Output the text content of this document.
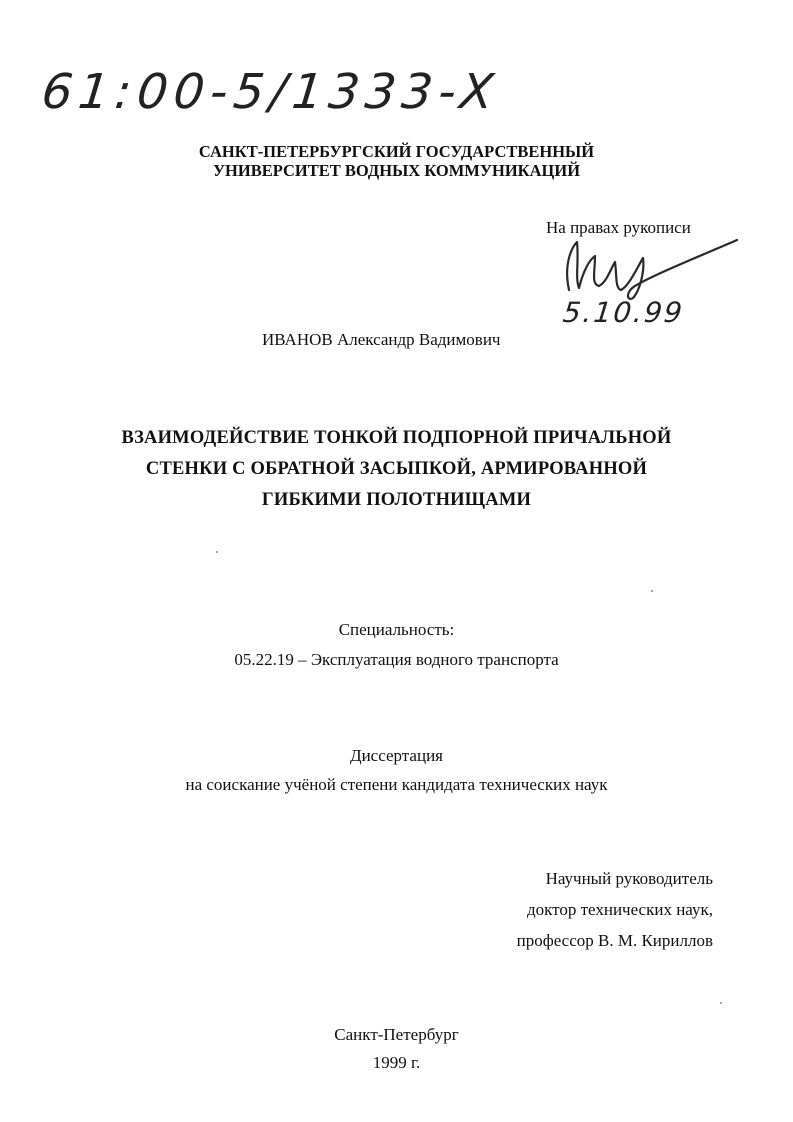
61:00-5/1333-X
САНКТ-ПЕТЕРБУРГСКИЙ ГОСУДАРСТВЕННЫЙ
УНИВЕРСИТЕТ ВОДНЫХ КОММУНИКАЦИЙ
На правах рукописи
5.10.99
ИВАНОВ Александр Вадимович
ВЗАИМОДЕЙСТВИЕ ТОНКОЙ ПОДПОРНОЙ ПРИЧАЛЬНОЙ
СТЕНКИ С ОБРАТНОЙ ЗАСЫПКОЙ, АРМИРОВАННОЙ
ГИБКИМИ ПОЛОТНИЩАМИ
Специальность:
05.22.19 – Эксплуатация водного транспорта
Диссертация
на соискание учёной степени кандидата технических наук
Научный руководитель
доктор технических наук,
профессор В. М. Кириллов
Санкт-Петербург
1999 г.
